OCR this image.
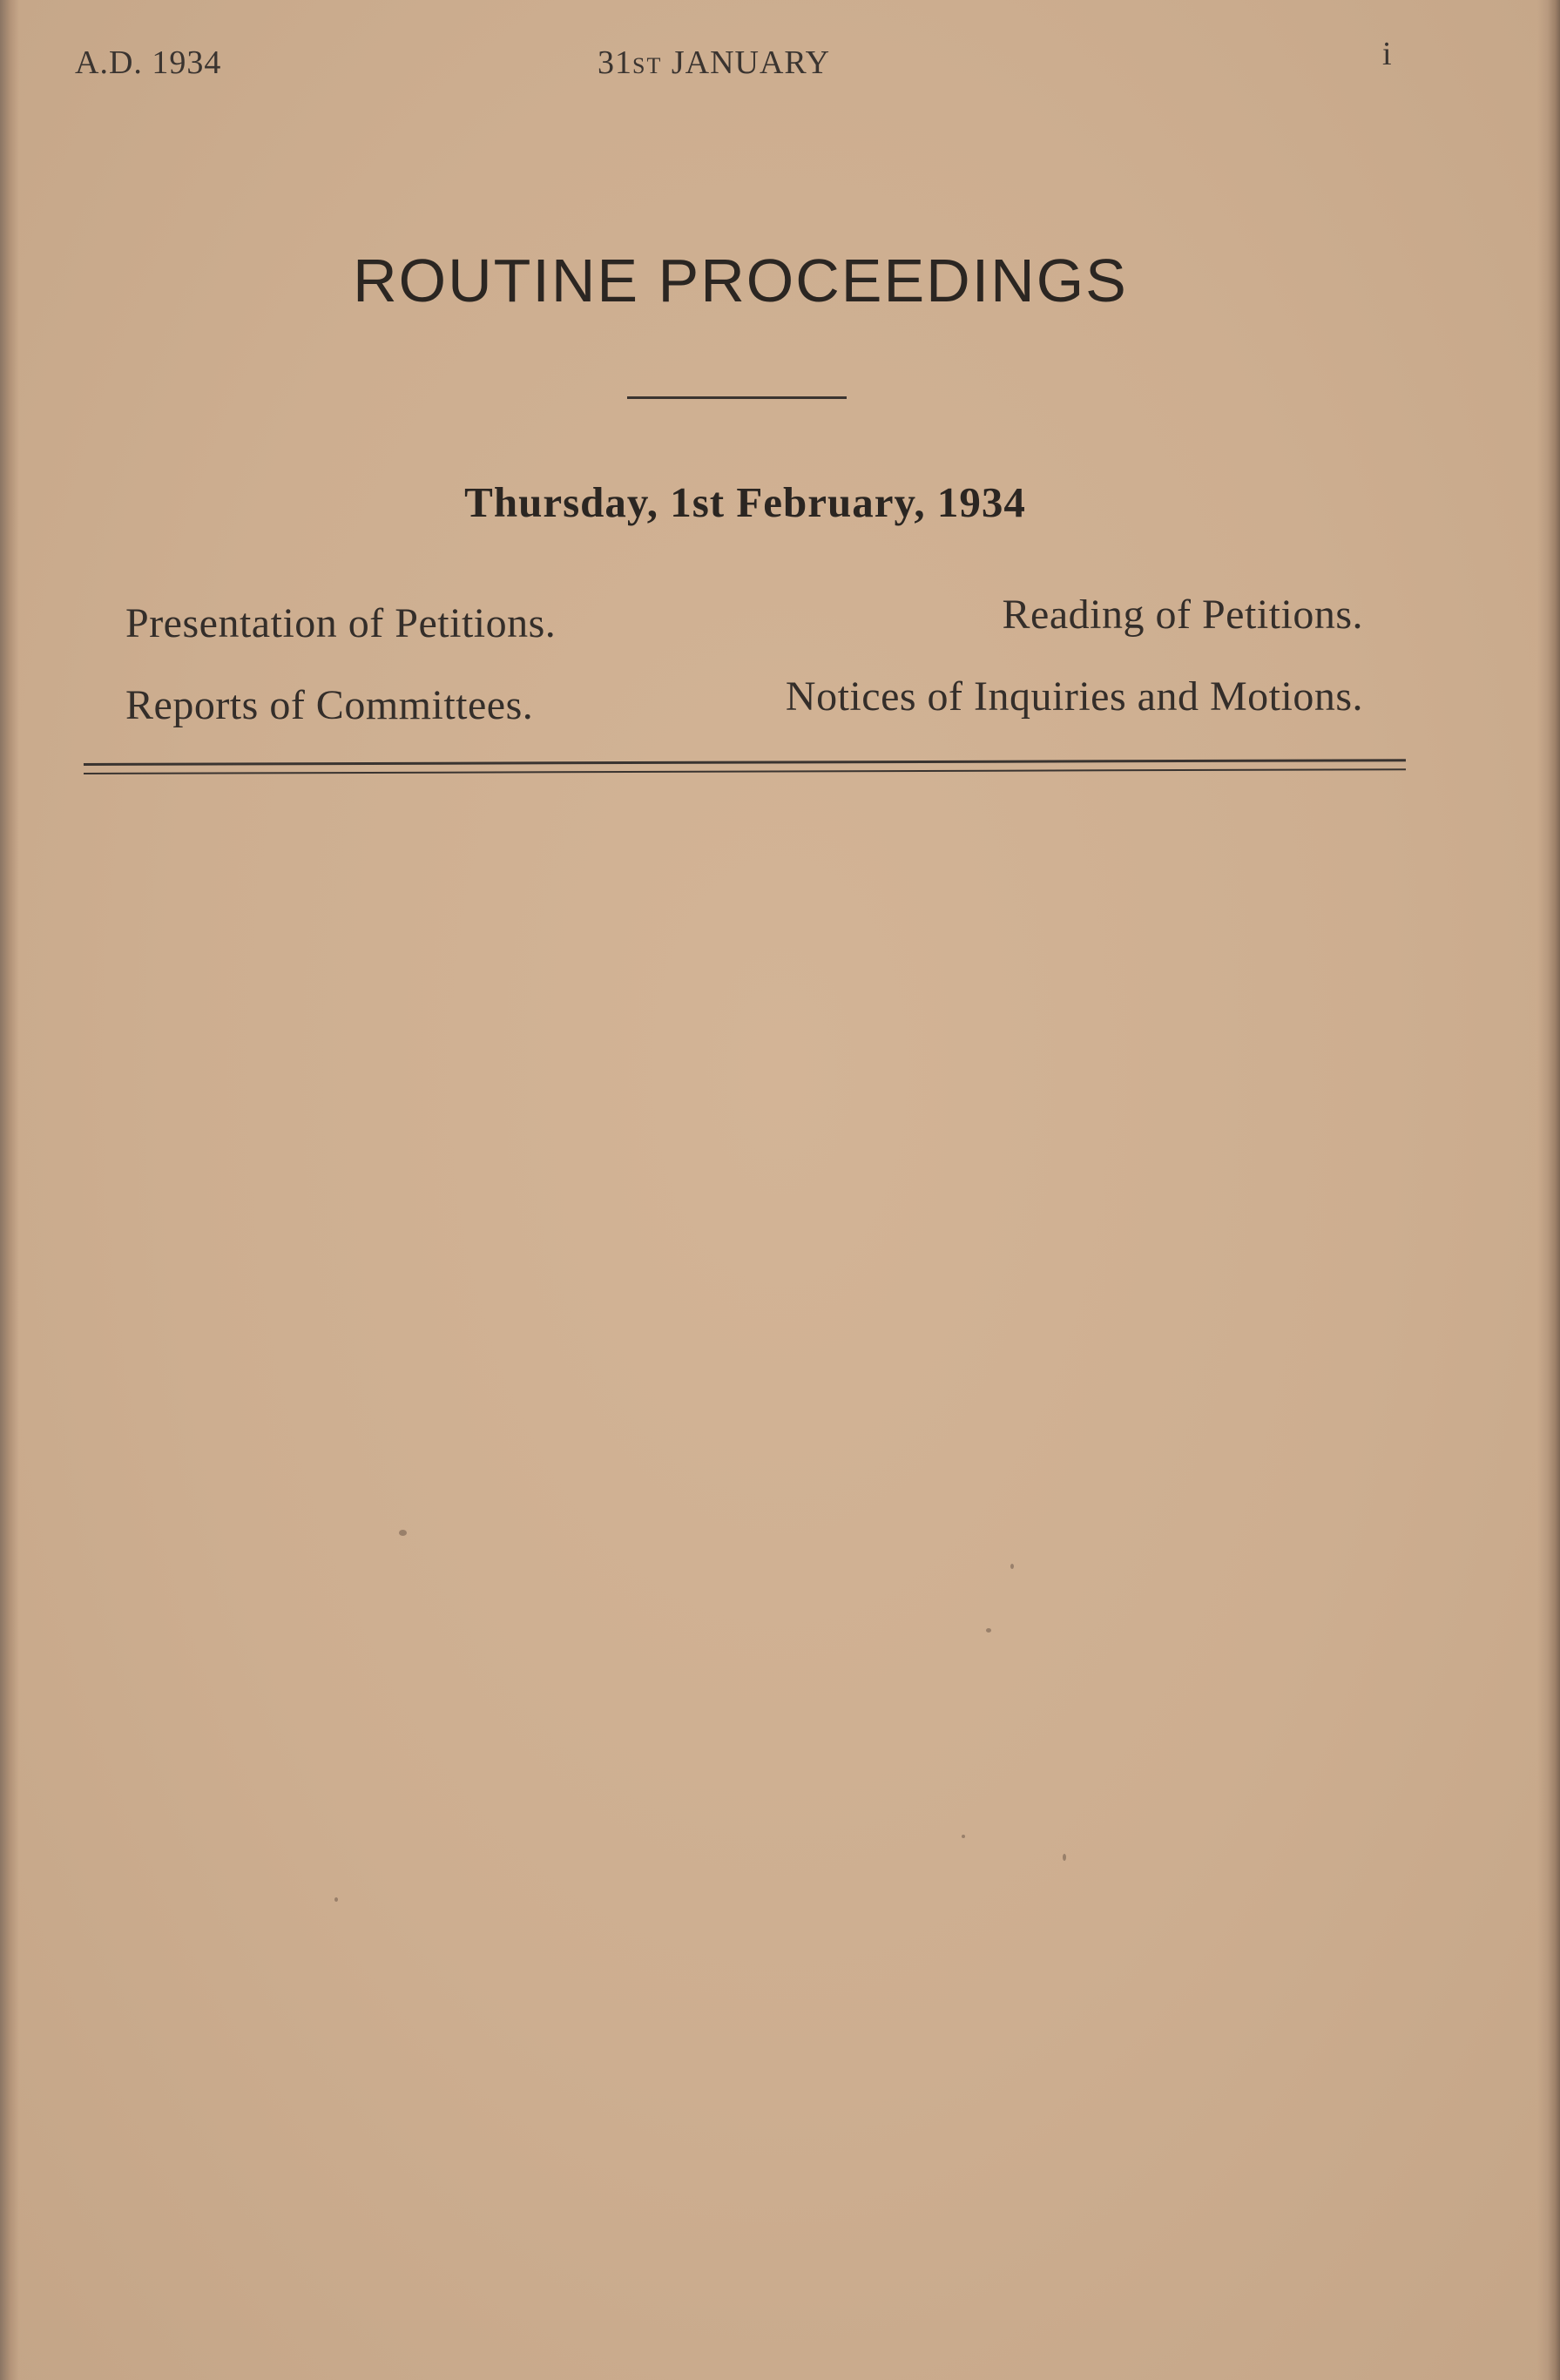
A.D. 1934	31ST JANUARY	i
ROUTINE PROCEEDINGS
Thursday, 1st February, 1934
Presentation of Petitions.	Reading of Petitions.
Reports of Committees.	Notices of Inquiries and Motions.
